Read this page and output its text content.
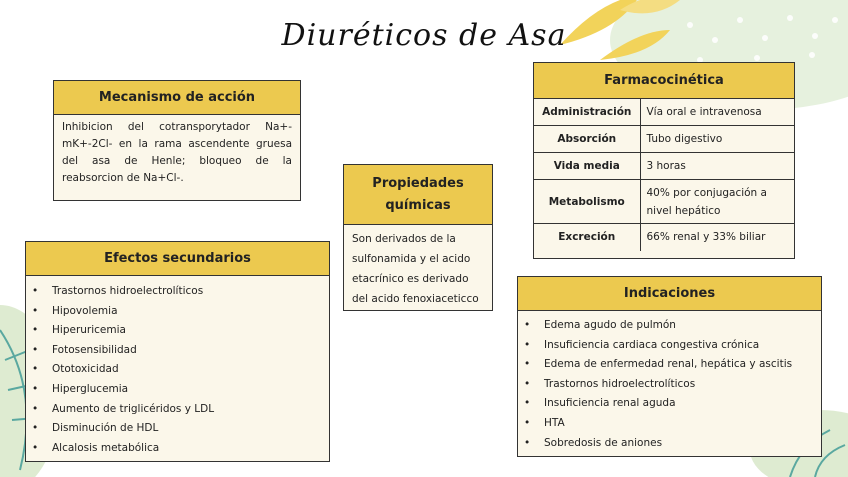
Diuréticos de Asa
Mecanismo de acción
Inhibicion del cotransporytador Na+-mK+-2Cl- en la rama ascendente gruesa del asa de Henle; bloqueo de la reabsorcion de Na+Cl-.	Propiedades químicas
Son derivados de la sulfonamida y el acido etacrínico es derivado del acido fenoxiaceticco
Farmacocinética
Administración	Vía oral e intravenosa
Absorción	Tubo digestivo
Vida media	3 horas
Metabolismo	40% por conjugación a nivel hepático
Excreción	66% renal y 33% biliar
Efectos secundarios
• Trastornos hidroelectrolíticos
• Hipovolemia
• Hiperuricemia
• Fotosensibilidad
• Ototoxicidad
• Hiperglucemia
• Aumento de triglicéridos y LDL
• Disminución de HDL
• Alcalosis metabólica
Indicaciones
• Edema agudo de pulmón
• Insuficiencia cardiaca congestiva crónica
• Edema de enfermedad renal, hepática y ascitis
• Trastornos hidroelectrolíticos
• Insuficiencia renal aguda
• HTA
• Sobredosis de aniones
